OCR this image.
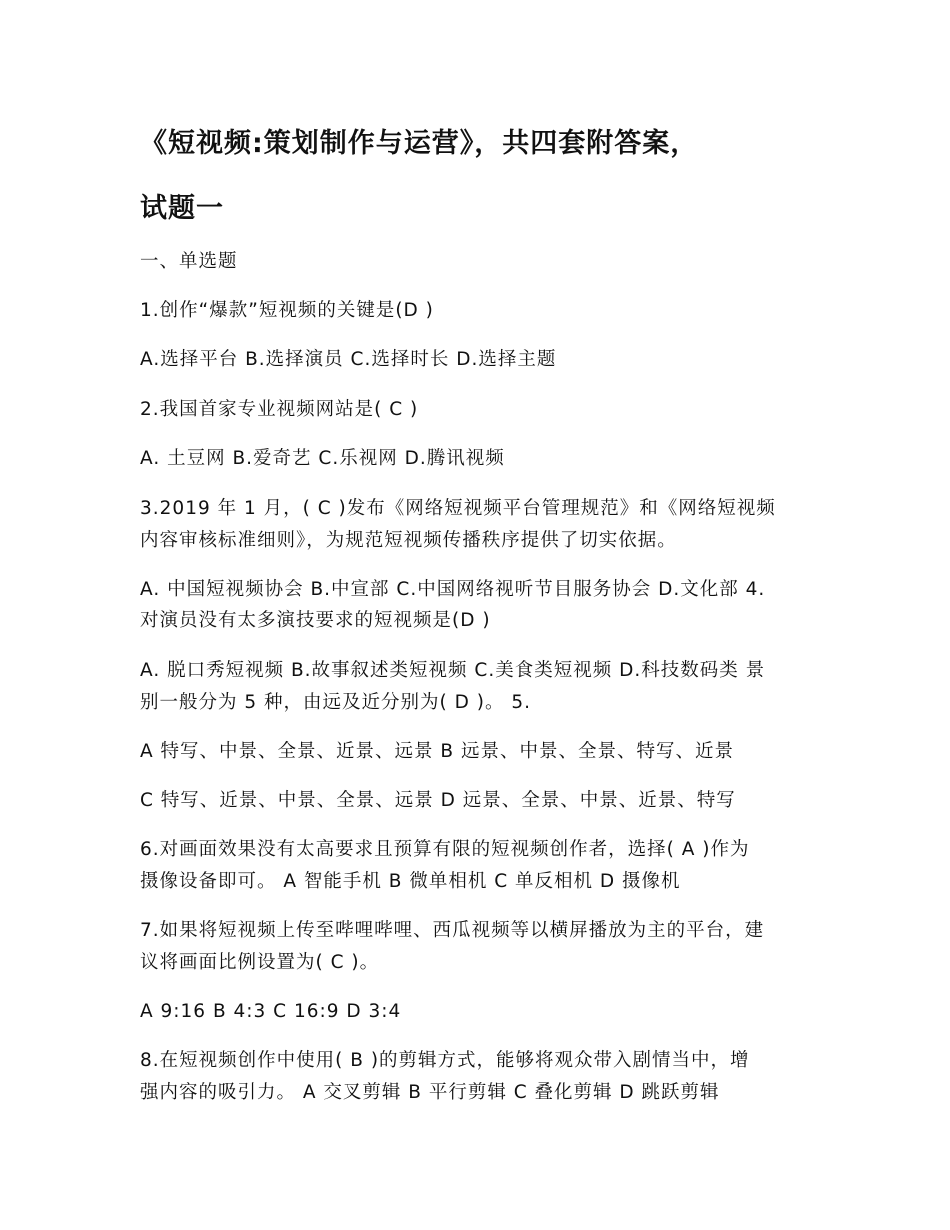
《短视频:策划制作与运营》，共四套附答案，
试题一
一、单选题
1.创作“爆款”短视频的关键是(D )
A.选择平台 B.选择演员 C.选择时长 D.选择主题
2.我国首家专业视频网站是( C )
A. 土豆网 B.爱奇艺 C.乐视网 D.腾讯视频
3.2019 年 1 月，( C )发布《网络短视频平台管理规范》和《网络短视频
内容审核标准细则》，为规范短视频传播秩序提供了切实依据。
A. 中国短视频协会 B.中宣部 C.中国网络视听节目服务协会 D.文化部 4.
对演员没有太多演技要求的短视频是(D )
A. 脱口秀短视频 B.故事叙述类短视频 C.美食类短视频 D.科技数码类 景
别一般分为 5 种，由远及近分别为( D )。 5.
A 特写、中景、全景、近景、远景 B 远景、中景、全景、特写、近景
C 特写、近景、中景、全景、远景 D 远景、全景、中景、近景、特写
6.对画面效果没有太高要求且预算有限的短视频创作者，选择( A )作为
摄像设备即可。 A 智能手机 B 微单相机 C 单反相机 D 摄像机
7.如果将短视频上传至哔哩哔哩、西瓜视频等以横屏播放为主的平台，建
议将画面比例设置为( C )。
A 9:16 B 4:3 C 16:9 D 3:4
8.在短视频创作中使用( B )的剪辑方式，能够将观众带入剧情当中，增
强内容的吸引力。 A 交叉剪辑 B 平行剪辑 C 叠化剪辑 D 跳跃剪辑
